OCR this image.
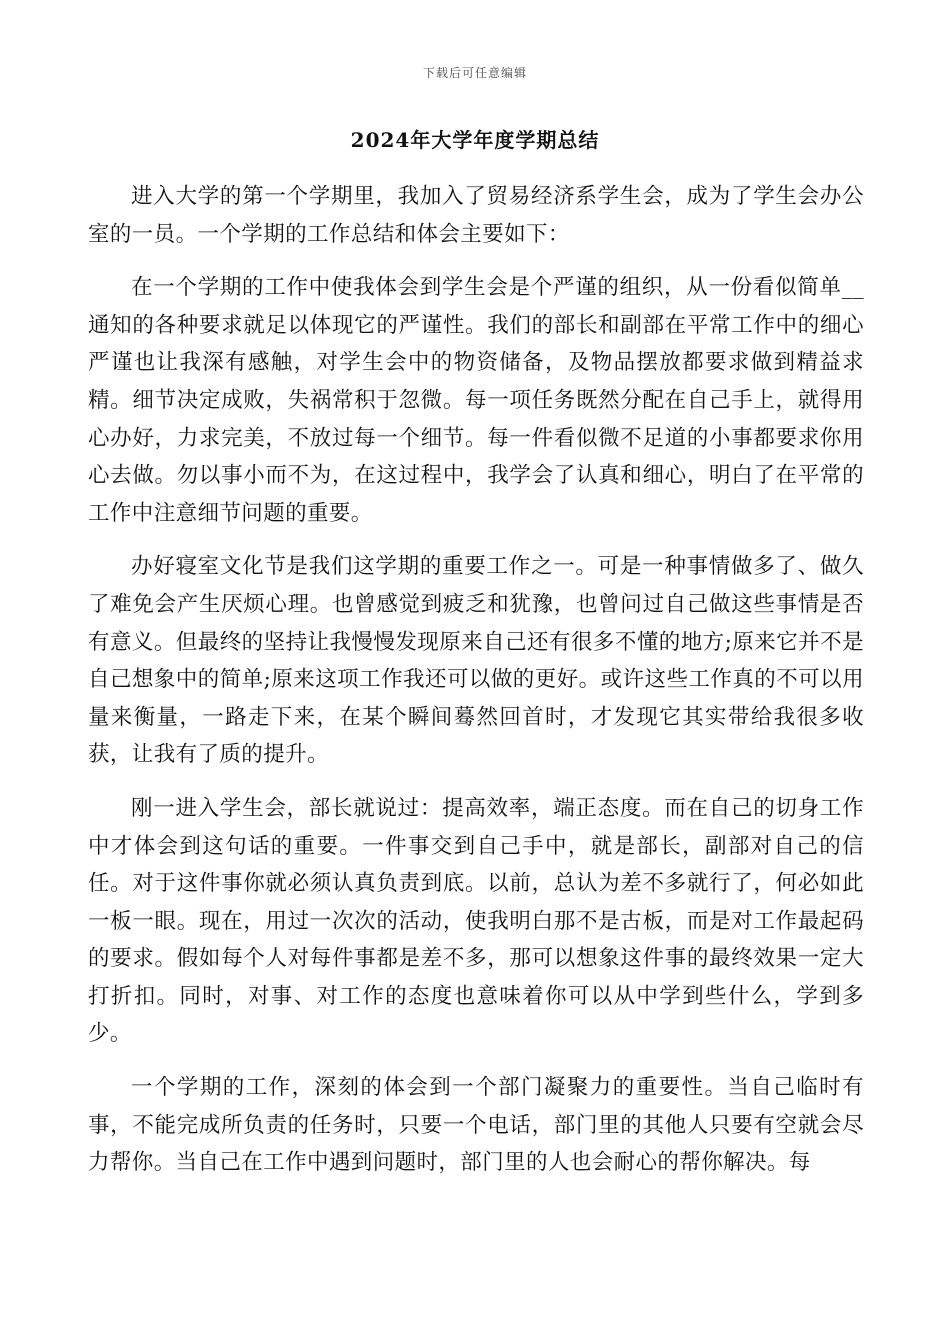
下载后可任意编辑
2024年大学年度学期总结

进入大学的第一个学期里，我加入了贸易经济系学生会，成为了学生会办公室的一员。一个学期的工作总结和体会主要如下：

在一个学期的工作中使我体会到学生会是个严谨的组织，从一份看似简单__通知的各种要求就足以体现它的严谨性。我们的部长和副部在平常工作中的细心严谨也让我深有感触，对学生会中的物资储备，及物品摆放都要求做到精益求精。细节决定成败，失祸常积于忽微。每一项任务既然分配在自己手上，就得用心办好，力求完美，不放过每一个细节。每一件看似微不足道的小事都要求你用心去做。勿以事小而不为，在这过程中，我学会了认真和细心，明白了在平常的工作中注意细节问题的重要。

办好寝室文化节是我们这学期的重要工作之一。可是一种事情做多了、做久了难免会产生厌烦心理。也曾感觉到疲乏和犹豫，也曾问过自己做这些事情是否有意义。但最终的坚持让我慢慢发现原来自己还有很多不懂的地方;原来它并不是自己想象中的简单;原来这项工作我还可以做的更好。或许这些工作真的不可以用量来衡量，一路走下来，在某个瞬间蓦然回首时，才发现它其实带给我很多收获，让我有了质的提升。

刚一进入学生会，部长就说过：提高效率，端正态度。而在自己的切身工作中才体会到这句话的重要。一件事交到自己手中，就是部长，副部对自己的信任。对于这件事你就必须认真负责到底。以前，总认为差不多就行了，何必如此一板一眼。现在，用过一次次的活动，使我明白那不是古板，而是对工作最起码的要求。假如每个人对每件事都是差不多，那可以想象这件事的最终效果一定大打折扣。同时，对事、对工作的态度也意味着你可以从中学到些什么，学到多少。

一个学期的工作，深刻的体会到一个部门凝聚力的重要性。当自己临时有事，不能完成所负责的任务时，只要一个电话，部门里的其他人只要有空就会尽力帮你。当自己在工作中遇到问题时，部门里的人也会耐心的帮你解决。每
